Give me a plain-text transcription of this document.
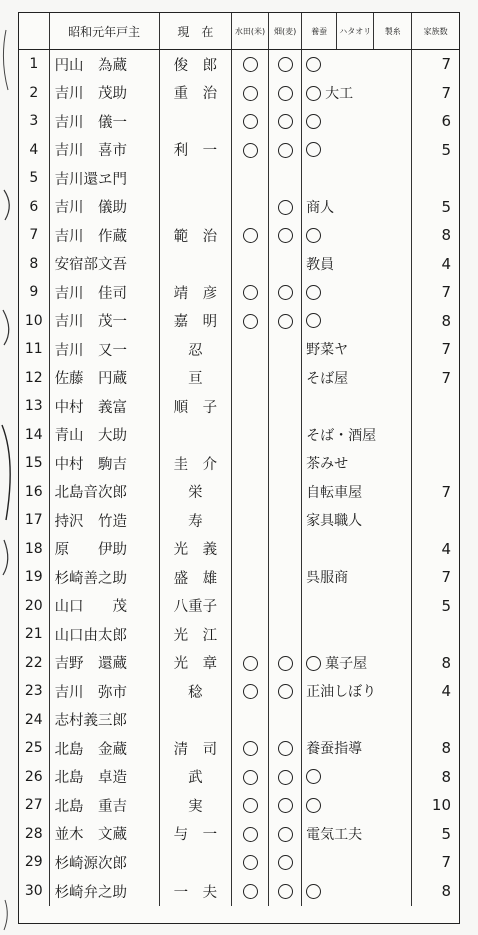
	昭和元年戸主	現　在	水田(米)	畑(麦)	養蚕	ハタオリ	製糸	家族数
1	円山　為蔵	俊　郎						7
2	吉川　茂助	重　治			大工			7
3	吉川　儀一							6
4	吉川　喜市	利　一						5
5	吉川還ヱ門							
6	吉川　儀助				商人			5
7	吉川　作蔵	範　治						8
8	安宿部文吾				教員			4
9	吉川　佳司	靖　彦						7
10	吉川　茂一	嘉　明						8
11	吉川　又一	忍			野菜ヤ			7
12	佐藤　円蔵	亘			そば屋			7
13	中村　義富	順　子						
14	青山　大助				そば・酒屋			
15	中村　駒吉	圭　介			茶みせ			
16	北島音次郎	栄			自転車屋			7
17	持沢　竹造	寿			家具職人			
18	原　　伊助	光　義						4
19	杉崎善之助	盛　雄			呉服商			7
20	山口　　茂	八重子						5
21	山口由太郎	光　江						
22	吉野　還蔵	光　章			菓子屋			8
23	吉川　弥市	稔			正油しぼり			4
24	志村義三郎							
25	北島　金蔵	清　司			養蚕指導			8
26	北島　卓造	武						8
27	北島　重吉	実						10
28	並木　文蔵	与　一			電気工夫			5
29	杉崎源次郎							7
30	杉崎弁之助	一　夫						8
